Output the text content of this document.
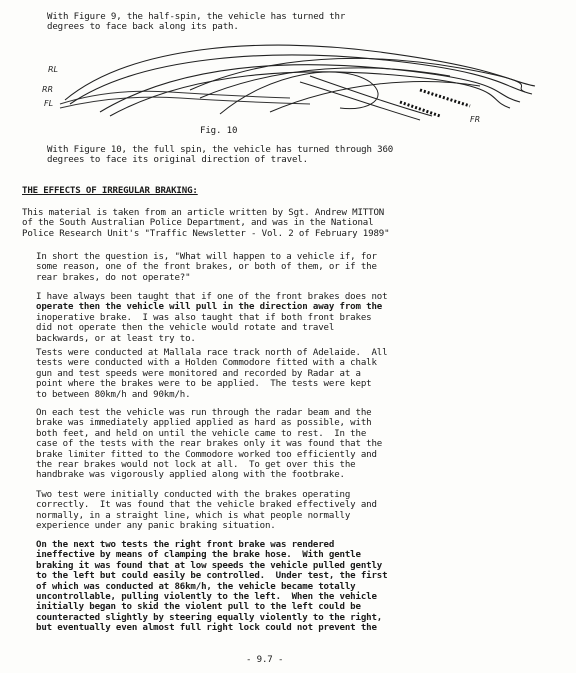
With Figure 9, the half-spin, the vehicle has turned thr
degrees to face back along its path.

RL
RR
FL
FR

Fig. 10

With Figure 10, the full spin, the vehicle has turned through 360
degrees to face its original direction of travel.

THE EFFECTS OF IRREGULAR BRAKING:

This material is taken from an article written by Sgt. Andrew MITTON
of the South Australian Police Department, and was in the National
Police Research Unit's "Traffic Newsletter - Vol. 2 of February 1989"

In short the question is, "What will happen to a vehicle if, for
some reason, one of the front brakes, or both of them, or if the
rear brakes, do not operate?"

I have always been taught that if one of the front brakes does not
operate then the vehicle will pull in the direction away from the
inoperative brake.  I was also taught that if both front brakes
did not operate then the vehicle would rotate and travel
backwards, or at least try to.

Tests were conducted at Mallala race track north of Adelaide.  All
tests were conducted with a Holden Commodore fitted with a chalk
gun and test speeds were monitored and recorded by Radar at a
point where the brakes were to be applied.  The tests were kept
to between 80km/h and 90km/h.

On each test the vehicle was run through the radar beam and the
brake was immediately applied applied as hard as possible, with
both feet, and held on until the vehicle came to rest.  In the
case of the tests with the rear brakes only it was found that the
brake limiter fitted to the Commodore worked too efficiently and
the rear brakes would not lock at all.  To get over this the
handbrake was vigorously applied along with the footbrake.

Two test were initially conducted with the brakes operating
correctly.  It was found that the vehicle braked effectively and
normally, in a straight line, which is what people normally
experience under any panic braking situation.

On the next two tests the right front brake was rendered
ineffective by means of clamping the brake hose.  With gentle
braking it was found that at low speeds the vehicle pulled gently
to the left but could easily be controlled.  Under test, the first
of which was conducted at 86km/h, the vehicle became totally
uncontrollable, pulling violently to the left.  When the vehicle
initially began to skid the violent pull to the left could be
counteracted slightly by steering equally violently to the right,
but eventually even almost full right lock could not prevent the

- 9.7 -
